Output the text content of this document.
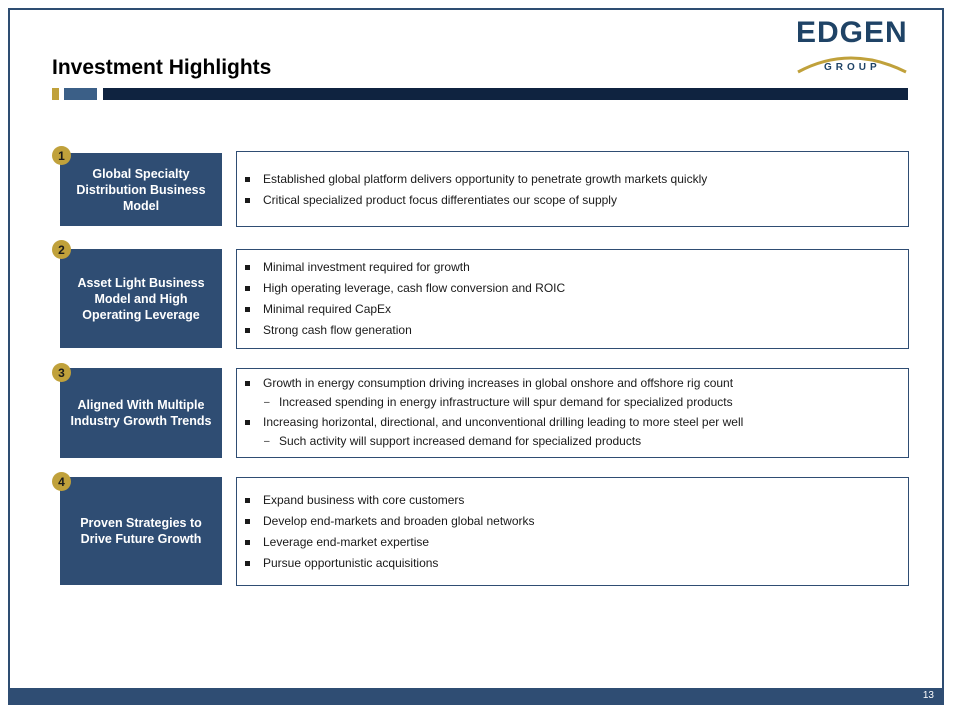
Investment Highlights
EDGEN
GROUP
Global Specialty Distribution Business Model
1
Established global platform delivers opportunity to penetrate growth markets quickly
Critical specialized product focus differentiates our scope of supply
Asset Light Business Model and High Operating Leverage
2
Minimal investment required for growth
High operating leverage, cash flow conversion and ROIC
Minimal required CapEx
Strong cash flow generation
Aligned With Multiple Industry Growth Trends
3
Growth in energy consumption driving increases in global onshore and offshore rig count
– Increased spending in energy infrastructure will spur demand for specialized products
Increasing horizontal, directional, and unconventional drilling leading to more steel per well
– Such activity will support increased demand for specialized products
Proven Strategies to Drive Future Growth
4
Expand business with core customers
Develop end-markets and broaden global networks
Leverage end-market expertise
Pursue opportunistic acquisitions
13
